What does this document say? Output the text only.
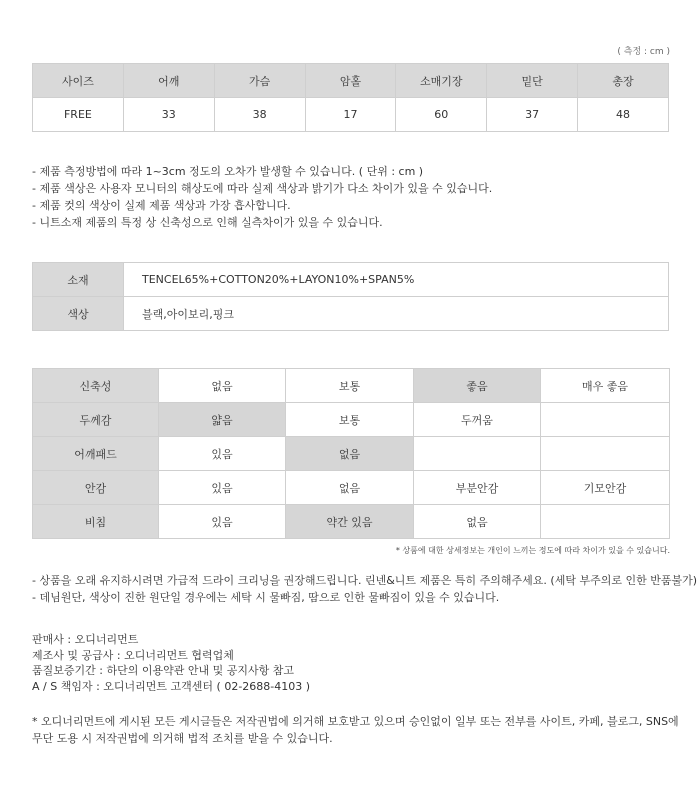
( 측정 : cm )
사이즈	어깨	가슴	암홀	소매기장	밑단	총장
FREE	33	38	17	60	37	48
- 제품 측정방법에 따라 1~3cm 정도의 오차가 발생할 수 있습니다. ( 단위 : cm )
- 제품 색상은 사용자 모니터의 해상도에 따라 실제 색상과 밝기가 다소 차이가 있을 수 있습니다.
- 제품 컷의 색상이 실제 제품 색상과 가장 흡사합니다.
- 니트소재 제품의 특정 상 신축성으로 인해 실측차이가 있을 수 있습니다.
소재	TENCEL65%+COTTON20%+LAYON10%+SPAN5%
색상	블랙,아이보리,핑크
신축성	없음	보통	좋음	매우 좋음
두께감	얇음	보통	두꺼움	
어깨패드	있음	없음		
안감	있음	없음	부분안감	기모안감
비침	있음	약간 있음	없음	
* 상품에 대한 상세정보는 개인이 느끼는 정도에 따라 차이가 있을 수 있습니다.
- 상품을 오래 유지하시려면 가급적 드라이 크리닝을 권장해드립니다. 린넨&니트 제품은 특히 주의해주세요. (세탁 부주의로 인한 반품불가)
- 데님원단, 색상이 진한 원단일 경우에는 세탁 시 물빠짐, 땀으로 인한 물빠짐이 있을 수 있습니다.
판매사 : 오디너리먼트
제조사 및 공급사 : 오디너리먼트 협력업체
품질보증기간 : 하단의 이용약관 안내 및 공지사항 참고
A / S 책임자 : 오디너리먼트 고객센터 ( 02-2688-4103 )
* 오디너리먼트에 게시된 모든 게시글들은 저작권법에 의거해 보호받고 있으며 승인없이 일부 또는 전부를 사이트, 카페, 블로그, SNS에
무단 도용 시 저작권법에 의거해 법적 조치를 받을 수 있습니다.
